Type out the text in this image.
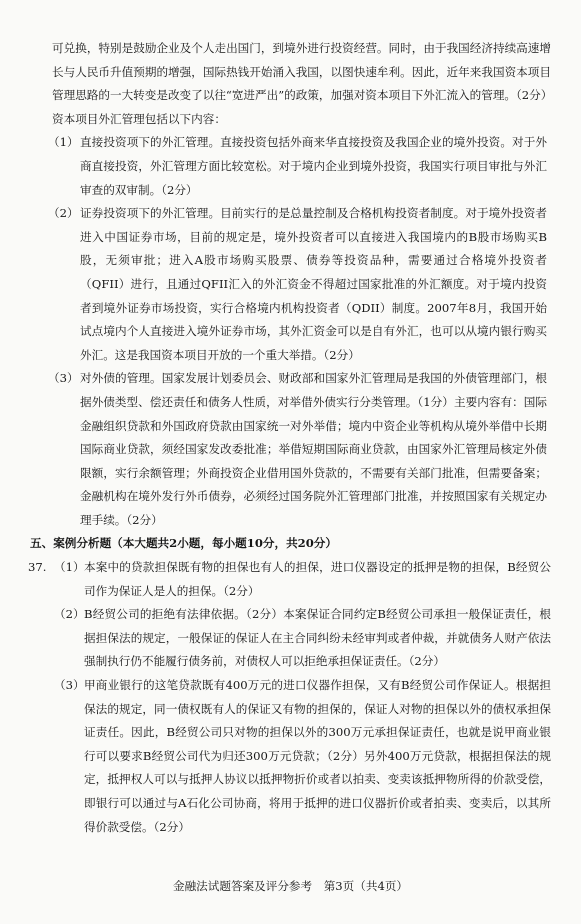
可兑换，特别是鼓励企业及个人走出国门，到境外进行投资经营。同时，由于我国经济持续高速增长与人民币升值预期的增强，国际热钱开始涌入我国，以图快速牟利。因此，近年来我国资本项目管理思路的一大转变是改变了以往“宽进严出”的政策，加强对资本项目下外汇流入的管理。（2分）
资本项目外汇管理包括以下内容：
（1） 直接投资项下的外汇管理。直接投资包括外商来华直接投资及我国企业的境外投资。对于外商直接投资，外汇管理方面比较宽松。对于境内企业到境外投资，我国实行项目审批与外汇审查的双审制。（2分）
（2） 证券投资项下的外汇管理。目前实行的是总量控制及合格机构投资者制度。对于境外投资者进入中国证券市场，目前的规定是，境外投资者可以直接进入我国境内的B股市场购买B股，无须审批；进入A股市场购买股票、债券等投资品种，需要通过合格境外投资者（QFII）进行，且通过QFII汇入的外汇资金不得超过国家批准的外汇额度。对于境内投资者到境外证券市场投资，实行合格境内机构投资者（QDII）制度。2007年8月，我国开始试点境内个人直接进入境外证券市场，其外汇资金可以是自有外汇，也可以从境内银行购买外汇。这是我国资本项目开放的一个重大举措。（2分）
（3） 对外债的管理。国家发展计划委员会、财政部和国家外汇管理局是我国的外债管理部门，根据外债类型、偿还责任和债务人性质，对举借外债实行分类管理。（1分）主要内容有：国际金融组织贷款和外国政府贷款由国家统一对外举借；境内中资企业等机构从境外举借中长期国际商业贷款，须经国家发改委批准；举借短期国际商业贷款，由国家外汇管理局核定外债限额，实行余额管理；外商投资企业借用国外贷款的，不需要有关部门批准，但需要备案；金融机构在境外发行外币债券，必须经过国务院外汇管理部门批准，并按照国家有关规定办理手续。（2分）
五、案例分析题（本大题共2小题，每小题10分，共20分）
37. （1） 本案中的贷款担保既有物的担保也有人的担保，进口仪器设定的抵押是物的担保，B经贸公司作为保证人是人的担保。（2分）
（2） B经贸公司的拒绝有法律依据。（2分）本案保证合同约定B经贸公司承担一般保证责任，根据担保法的规定，一般保证的保证人在主合同纠纷未经审判或者仲裁，并就债务人财产依法强制执行仍不能履行债务前，对债权人可以拒绝承担保证责任。（2分）
（3） 甲商业银行的这笔贷款既有400万元的进口仪器作担保，又有B经贸公司作保证人。根据担保法的规定，同一债权既有人的保证又有物的担保的，保证人对物的担保以外的债权承担保证责任。因此，B经贸公司只对物的担保以外的300万元承担保证责任，也就是说甲商业银行可以要求B经贸公司代为归还300万元贷款；（2分）另外400万元贷款，根据担保法的规定，抵押权人可以与抵押人协议以抵押物折价或者以拍卖、变卖该抵押物所得的价款受偿，即银行可以通过与A石化公司协商，将用于抵押的进口仪器折价或者拍卖、变卖后，以其所得价款受偿。（2分）
金融法试题答案及评分参考　第3页（共4页）
